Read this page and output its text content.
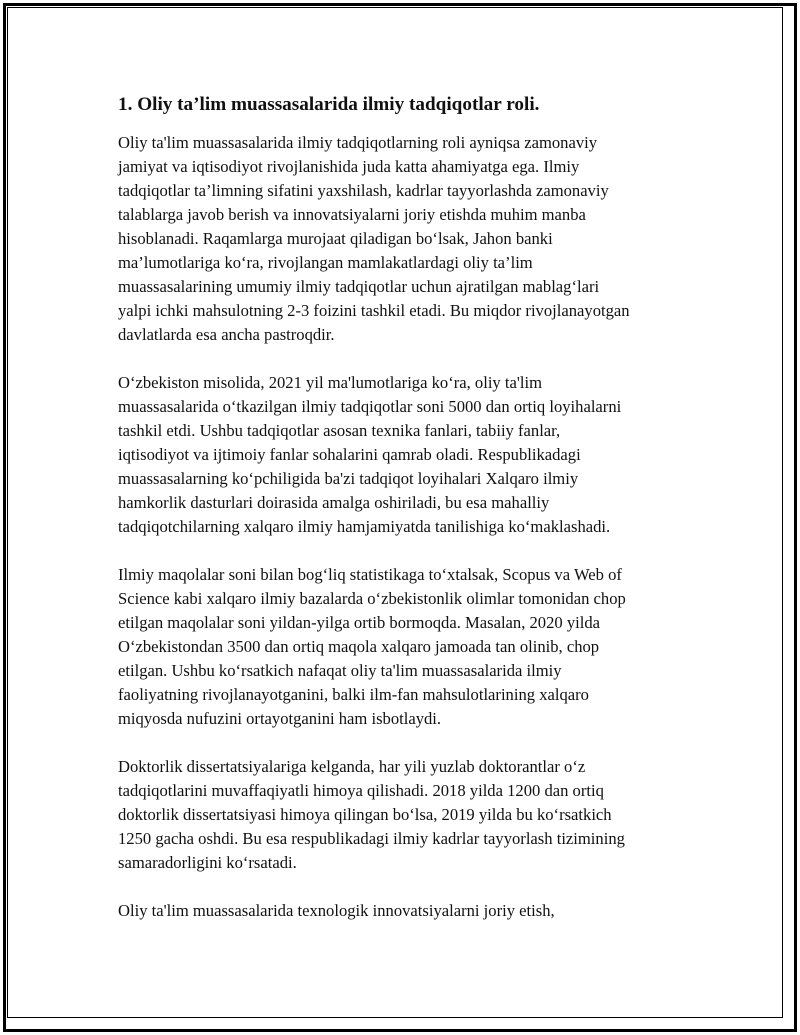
1. Oliy ta’lim muassasalarida ilmiy tadqiqotlar roli.
Oliy ta'lim muassasalarida ilmiy tadqiqotlarning roli ayniqsa zamonaviy
jamiyat va iqtisodiyot rivojlanishida juda katta ahamiyatga ega. Ilmiy
tadqiqotlar ta’limning sifatini yaxshilash, kadrlar tayyorlashda zamonaviy
talablarga javob berish va innovatsiyalarni joriy etishda muhim manba
hisoblanadi. Raqamlarga murojaat qiladigan boʻlsak, Jahon banki
ma’lumotlariga koʻra, rivojlangan mamlakatlardagi oliy ta’lim
muassasalarining umumiy ilmiy tadqiqotlar uchun ajratilgan mablagʻlari
yalpi ichki mahsulotning 2-3 foizini tashkil etadi. Bu miqdor rivojlanayotgan
davlatlarda esa ancha pastroqdir.
Oʻzbekiston misolida, 2021 yil ma'lumotlariga koʻra, oliy ta'lim
muassasalarida oʻtkazilgan ilmiy tadqiqotlar soni 5000 dan ortiq loyihalarni
tashkil etdi. Ushbu tadqiqotlar asosan texnika fanlari, tabiiy fanlar,
iqtisodiyot va ijtimoiy fanlar sohalarini qamrab oladi. Respublikadagi
muassasalarning koʻpchiligida ba'zi tadqiqot loyihalari Xalqaro ilmiy
hamkorlik dasturlari doirasida amalga oshiriladi, bu esa mahalliy
tadqiqotchilarning xalqaro ilmiy hamjamiyatda tanilishiga koʻmaklashadi.
Ilmiy maqolalar soni bilan bogʻliq statistikaga toʻxtalsak, Scopus va Web of
Science kabi xalqaro ilmiy bazalarda oʻzbekistonlik olimlar tomonidan chop
etilgan maqolalar soni yildan-yilga ortib bormoqda. Masalan, 2020 yilda
Oʻzbekistondan 3500 dan ortiq maqola xalqaro jamoada tan olinib, chop
etilgan. Ushbu koʻrsatkich nafaqat oliy ta'lim muassasalarida ilmiy
faoliyatning rivojlanayotganini, balki ilm-fan mahsulotlarining xalqaro
miqyosda nufuzini ortayotganini ham isbotlaydi.
Doktorlik dissertatsiyalariga kelganda, har yili yuzlab doktorantlar oʻz
tadqiqotlarini muvaffaqiyatli himoya qilishadi. 2018 yilda 1200 dan ortiq
doktorlik dissertatsiyasi himoya qilingan boʻlsa, 2019 yilda bu koʻrsatkich
1250 gacha oshdi. Bu esa respublikadagi ilmiy kadrlar tayyorlash tizimining
samaradorligini koʻrsatadi.
Oliy ta'lim muassasalarida texnologik innovatsiyalarni joriy etish,
